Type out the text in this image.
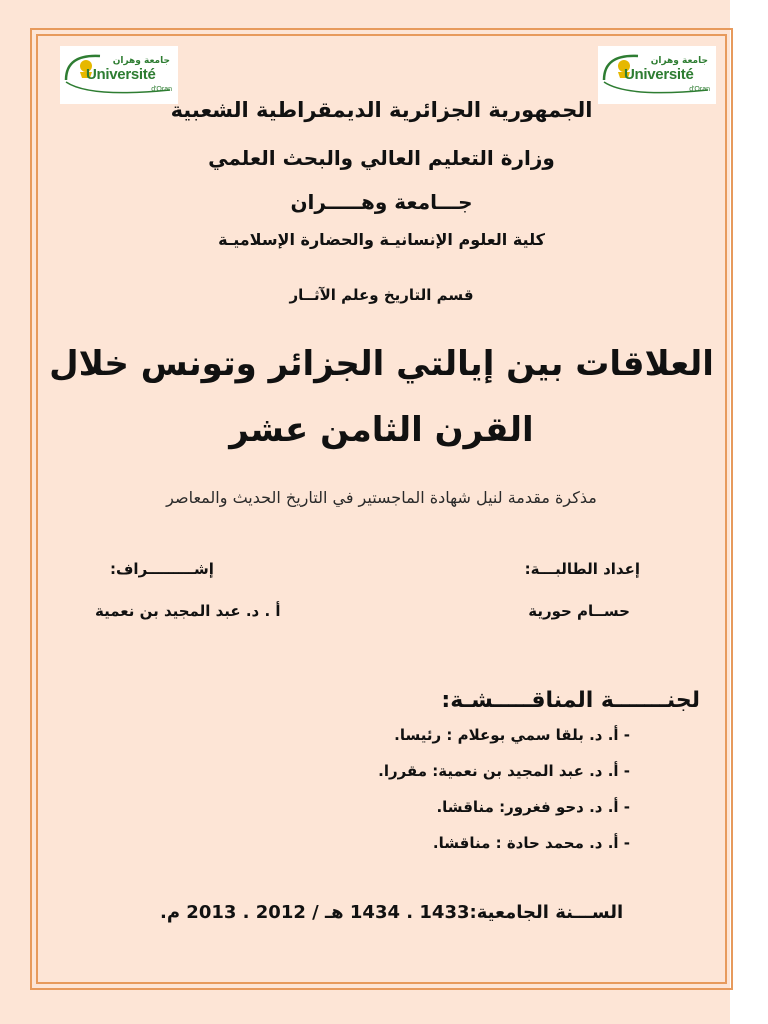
جامعة وهران
Université
d'Oran
جامعة وهران
Université
d'Oran
الجمهورية الجزائرية الديمقراطية الشعبية
وزارة التعليم العالي والبحث العلمي
جـــامعة وهـــــران
كلية العلوم الإنسانيـة والحضارة الإسلاميـة
قسم التاريخ وعلم الآثــار
العلاقات بين إيالتي الجزائر وتونس خلال
القرن الثامن عشر
مذكرة مقدمة لنيل شهادة الماجستير في التاريخ الحديث والمعاصر
إعداد الطالبـــة:
إشـــــــــراف:
حســام حورية
أ . د. عبد المجيد بن نعمية
لجنـــــــة المناقـــــشـة:
- أ. د. بلقا سمي بوعلام : رئيسا.
- أ. د. عبد المجيد بن نعمية: مقررا.
- أ. د. دحو فغرور: مناقشا.
- أ. د. محمد حادة : مناقشا.
الســـنة الجامعية:1433 . 1434 هـ / 2012 . 2013 م.
